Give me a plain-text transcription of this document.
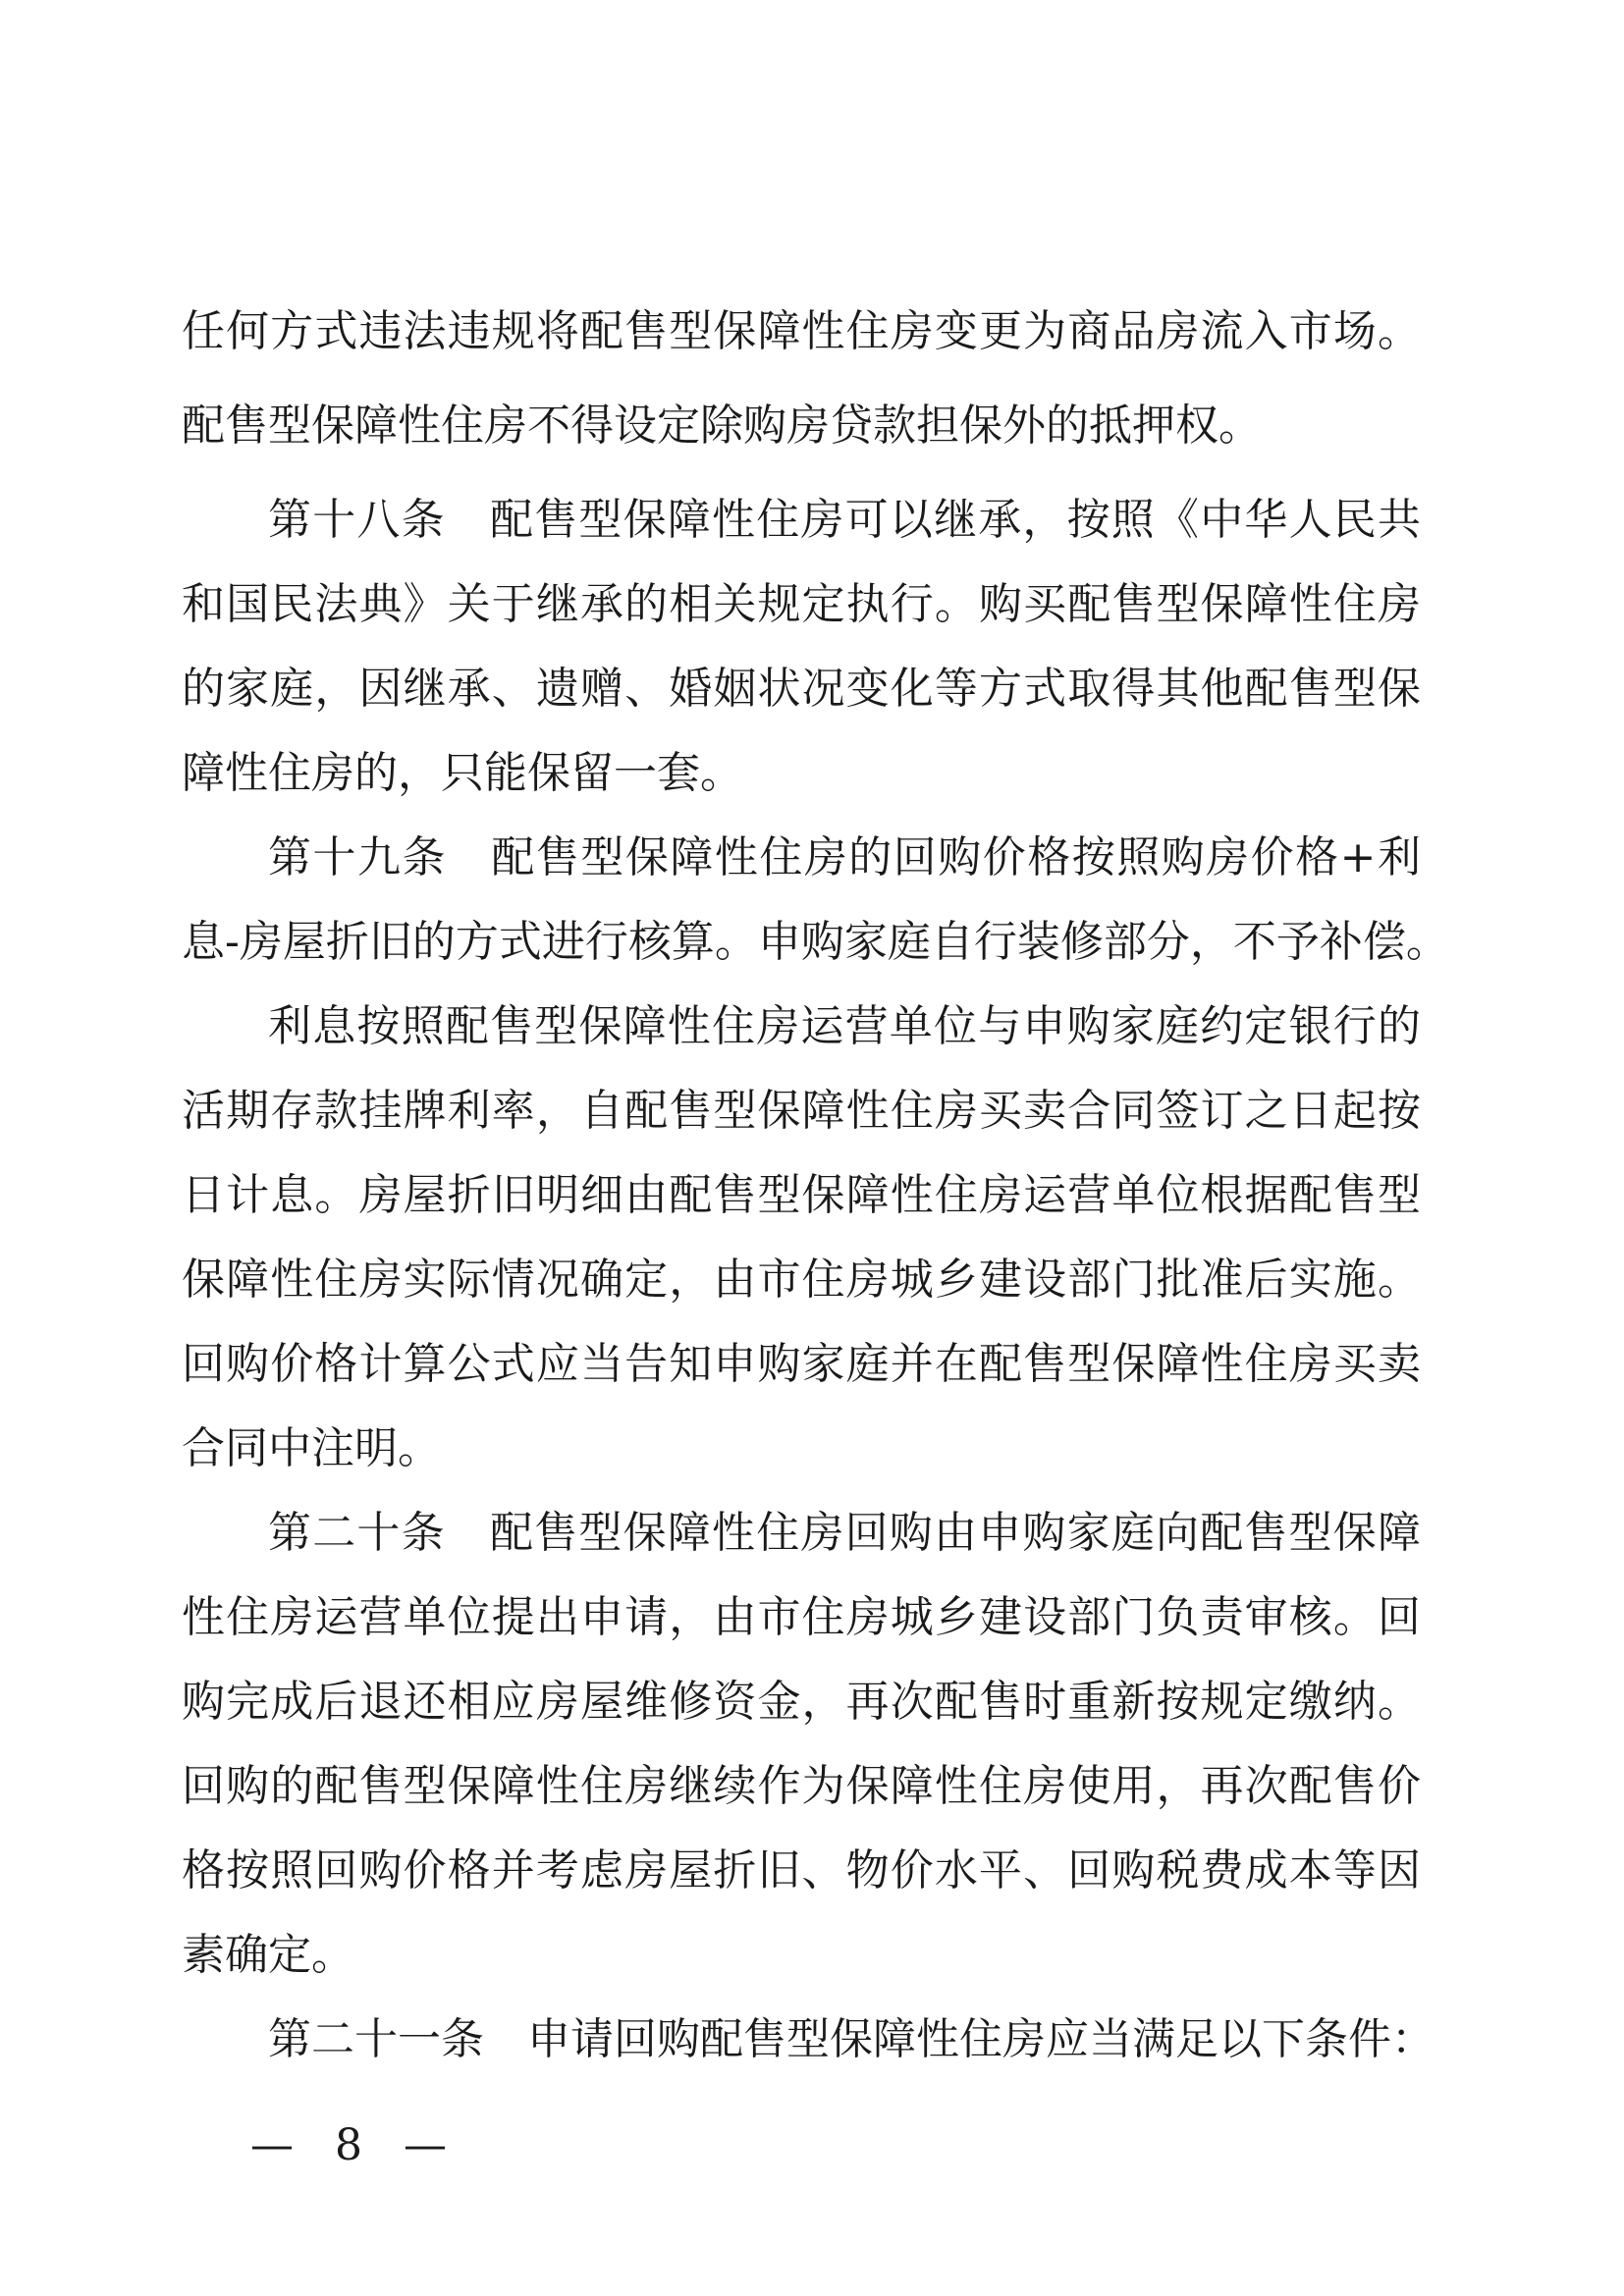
任何方式违法违规将配售型保障性住房变更为商品房流入市场。
配售型保障性住房不得设定除购房贷款担保外的抵押权。
第十八条　配售型保障性住房可以继承，按照《中华人民共
和国民法典》关于继承的相关规定执行。购买配售型保障性住房
的家庭，因继承、遗赠、婚姻状况变化等方式取得其他配售型保
障性住房的，只能保留一套。
第十九条　配售型保障性住房的回购价格按照购房价格+利
息-房屋折旧的方式进行核算。申购家庭自行装修部分，不予补偿。
利息按照配售型保障性住房运营单位与申购家庭约定银行的
活期存款挂牌利率，自配售型保障性住房买卖合同签订之日起按
日计息。房屋折旧明细由配售型保障性住房运营单位根据配售型
保障性住房实际情况确定，由市住房城乡建设部门批准后实施。
回购价格计算公式应当告知申购家庭并在配售型保障性住房买卖
合同中注明。
第二十条　配售型保障性住房回购由申购家庭向配售型保障
性住房运营单位提出申请，由市住房城乡建设部门负责审核。回
购完成后退还相应房屋维修资金，再次配售时重新按规定缴纳。
回购的配售型保障性住房继续作为保障性住房使用，再次配售价
格按照回购价格并考虑房屋折旧、物价水平、回购税费成本等因
素确定。
第二十一条　申请回购配售型保障性住房应当满足以下条件：
— 8 —
